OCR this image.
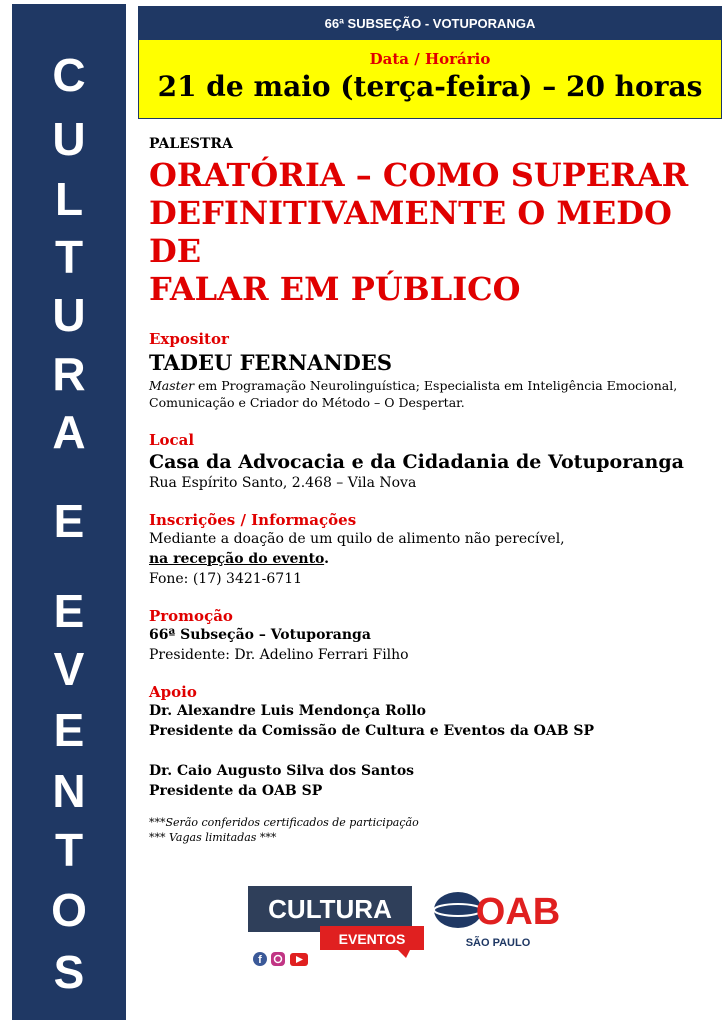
C
U
L
T
U
R
A
E
E
V
E
N
T
O
S
66ª SUBSEÇÃO - VOTUPORANGA
Data / Horário
21 de maio (terça-feira) – 20 horas
PALESTRA
ORATÓRIA – COMO SUPERAR
DEFINITIVAMENTE O MEDO DE
FALAR EM PÚBLICO
Expositor
TADEU FERNANDES
Master em Programação Neurolinguística; Especialista em Inteligência Emocional,
Comunicação e Criador do Método – O Despertar.
Local
Casa da Advocacia e da Cidadania de Votuporanga
Rua Espírito Santo, 2.468 – Vila Nova
Inscrições / Informações
Mediante a doação de um quilo de alimento não perecível,
na recepção do evento.
Fone: (17) 3421-6711
Promoção
66ª Subseção – Votuporanga
Presidente: Dr. Adelino Ferrari Filho
Apoio
Dr. Alexandre Luis Mendonça Rollo
Presidente da Comissão de Cultura e Eventos da OAB SP
Dr. Caio Augusto Silva dos Santos
Presidente da OAB SP
***Serão conferidos certificados de participação
*** Vagas limitadas ***
CULTURA
EVENTOS
f
OAB
SÃO PAULO
